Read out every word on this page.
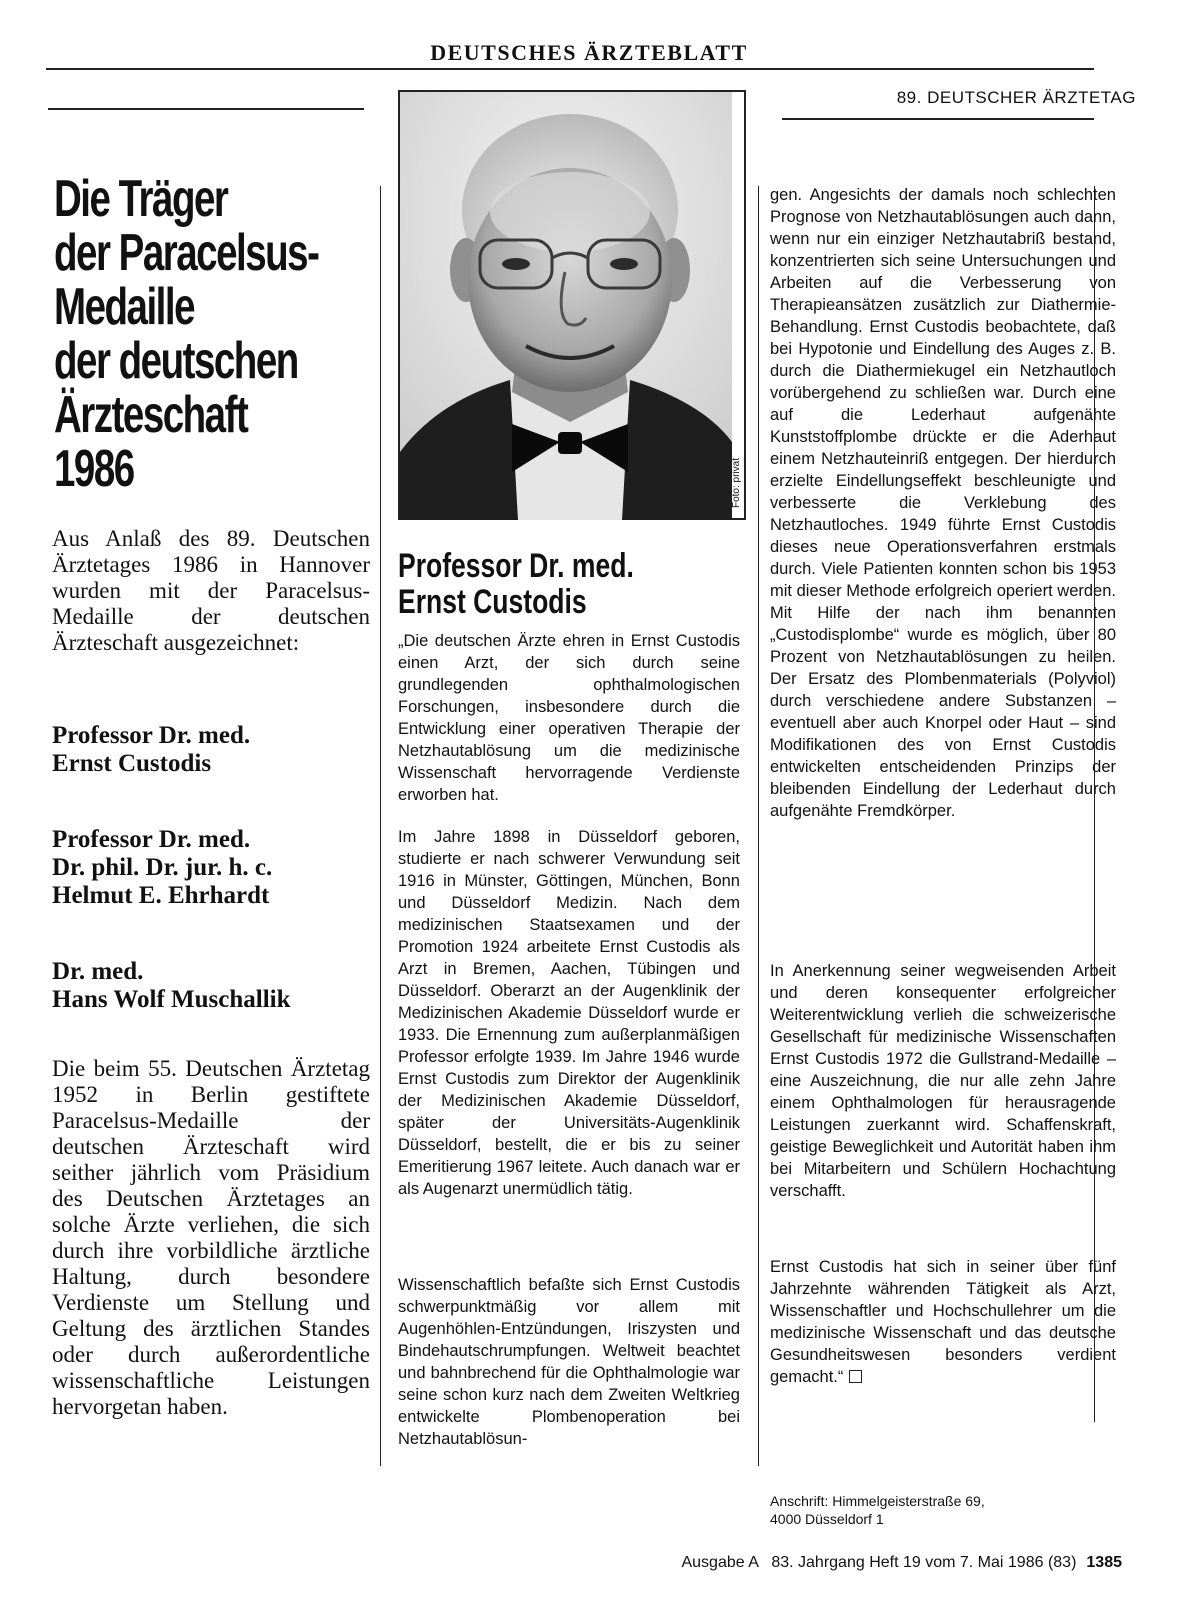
DEUTSCHES ÄRZTEBLATT
89. DEUTSCHER ÄRZTETAG
Die Träger
der Paracelsus-
Medaille
der deutschen
Ärzteschaft
1986
Aus Anlaß des 89. Deutschen Ärztetages 1986 in Hannover wurden mit der Paracelsus-Medaille der deutschen Ärzteschaft ausgezeichnet:
Professor Dr. med.
Ernst Custodis
Professor Dr. med.
Dr. phil. Dr. jur. h. c.
Helmut E. Ehrhardt
Dr. med.
Hans Wolf Muschallik
Die beim 55. Deutschen Ärztetag 1952 in Berlin gestiftete Paracelsus-Medaille der deutschen Ärzteschaft wird seither jährlich vom Präsidium des Deutschen Ärztetages an solche Ärzte verliehen, die sich durch ihre vorbildliche ärztliche Haltung, durch besondere Verdienste um Stellung und Geltung des ärztlichen Standes oder durch außerordentliche wissenschaftliche Leistungen hervorgetan haben.
Foto: privat
Professor Dr. med.
Ernst Custodis
„Die deutschen Ärzte ehren in Ernst Custodis einen Arzt, der sich durch seine grundlegenden ophthalmologischen Forschungen, insbesondere durch die Entwicklung einer operativen Therapie der Netzhautablösung um die medizinische Wissenschaft hervorragende Verdienste erworben hat.
Im Jahre 1898 in Düsseldorf geboren, studierte er nach schwerer Verwundung seit 1916 in Münster, Göttingen, München, Bonn und Düsseldorf Medizin. Nach dem medizinischen Staatsexamen und der Promotion 1924 arbeitete Ernst Custodis als Arzt in Bremen, Aachen, Tübingen und Düsseldorf. Oberarzt an der Augenklinik der Medizinischen Akademie Düsseldorf wurde er 1933. Die Ernennung zum außerplanmäßigen Professor erfolgte 1939. Im Jahre 1946 wurde Ernst Custodis zum Direktor der Augenklinik der Medizinischen Akademie Düsseldorf, später der Universitäts-Augenklinik Düsseldorf, bestellt, die er bis zu seiner Emeritierung 1967 leitete. Auch danach war er als Augenarzt unermüdlich tätig.
Wissenschaftlich befaßte sich Ernst Custodis schwerpunktmäßig vor allem mit Augenhöhlen-Entzündungen, Iriszysten und Bindehautschrumpfungen. Weltweit beachtet und bahnbrechend für die Ophthalmologie war seine schon kurz nach dem Zweiten Weltkrieg entwickelte Plombenoperation bei Netzhautablösun-
gen. Angesichts der damals noch schlechten Prognose von Netzhautablösungen auch dann, wenn nur ein einziger Netzhautabriß bestand, konzentrierten sich seine Untersuchungen und Arbeiten auf die Verbesserung von Therapieansätzen zusätzlich zur Diathermie-Behandlung. Ernst Custodis beobachtete, daß bei Hypotonie und Eindellung des Auges z. B. durch die Diathermiekugel ein Netzhautloch vorübergehend zu schließen war. Durch eine auf die Lederhaut aufgenähte Kunststoffplombe drückte er die Aderhaut einem Netzhauteinriß entgegen. Der hierdurch erzielte Eindellungseffekt beschleunigte und verbesserte die Verklebung des Netzhautloches. 1949 führte Ernst Custodis dieses neue Operationsverfahren erstmals durch. Viele Patienten konnten schon bis 1953 mit dieser Methode erfolgreich operiert werden. Mit Hilfe der nach ihm benannten „Custodisplombe“ wurde es möglich, über 80 Prozent von Netzhautablösungen zu heilen. Der Ersatz des Plombenmaterials (Polyviol) durch verschiedene andere Substanzen – eventuell aber auch Knorpel oder Haut – sind Modifikationen des von Ernst Custodis entwickelten entscheidenden Prinzips der bleibenden Eindellung der Lederhaut durch aufgenähte Fremdkörper.
In Anerkennung seiner wegweisenden Arbeit und deren konsequenter erfolgreicher Weiterentwicklung verlieh die schweizerische Gesellschaft für medizinische Wissenschaften Ernst Custodis 1972 die Gullstrand-Medaille – eine Auszeichnung, die nur alle zehn Jahre einem Ophthalmologen für herausragende Leistungen zuerkannt wird. Schaffenskraft, geistige Beweglichkeit und Autorität haben ihm bei Mitarbeitern und Schülern Hochachtung verschafft.
Ernst Custodis hat sich in seiner über fünf Jahrzehnte währenden Tätigkeit als Arzt, Wissenschaftler und Hochschullehrer um die medizinische Wissenschaft und das deutsche Gesundheitswesen besonders verdient gemacht.“
Anschrift: Himmelgeisterstraße 69,
4000 Düsseldorf 1
Ausgabe A   83. Jahrgang Heft 19 vom 7. Mai 1986 (83) 1385
